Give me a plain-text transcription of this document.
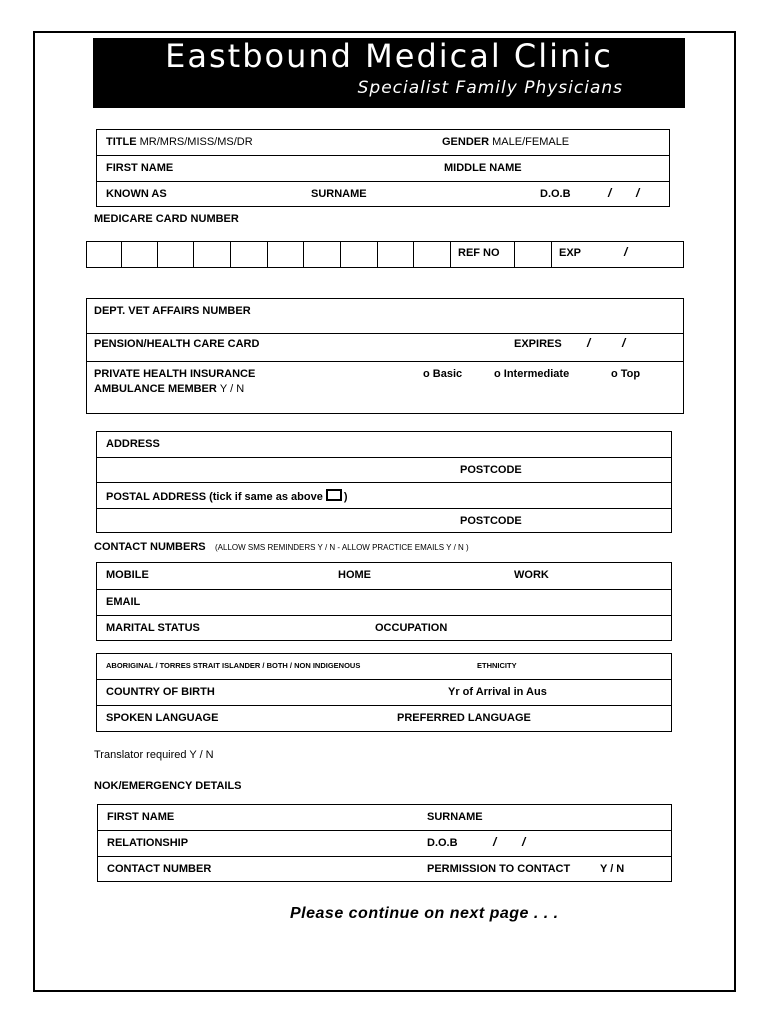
Eastbound Medical Clinic
Specialist Family Physicians
TITLE MR/MRS/MISS/MS/DR	GENDER MALE/FEMALE
FIRST NAME	MIDDLE NAME
KNOWN AS	SURNAME	D.O.B	/ /
MEDICARE CARD NUMBER
REF NO	EXP	/
DEPT. VET AFFAIRS NUMBER
PENSION/HEALTH CARE CARD	EXPIRES /	/
PRIVATE HEALTH INSURANCE
AMBULANCE MEMBER Y / N
o Basic	o Intermediate	o Top
ADDRESS
POSTCODE
POSTAL ADDRESS (tick if same as above )
POSTCODE
CONTACT NUMBERS (ALLOW SMS REMINDERS Y / N - ALLOW PRACTICE EMAILS Y / N )
MOBILE	HOME	WORK
EMAIL
MARITAL STATUS	OCCUPATION
ABORIGINAL / TORRES STRAIT ISLANDER / BOTH / NON INDIGENOUS	ETHNICITY
COUNTRY OF BIRTH	Yr of Arrival in Aus
SPOKEN LANGUAGE	PREFERRED LANGUAGE
Translator required Y / N
NOK/EMERGENCY DETAILS
FIRST NAME	SURNAME
RELATIONSHIP	D.O.B	/ /
CONTACT NUMBER	PERMISSION TO CONTACT	Y / N
Please continue on next page . . .
